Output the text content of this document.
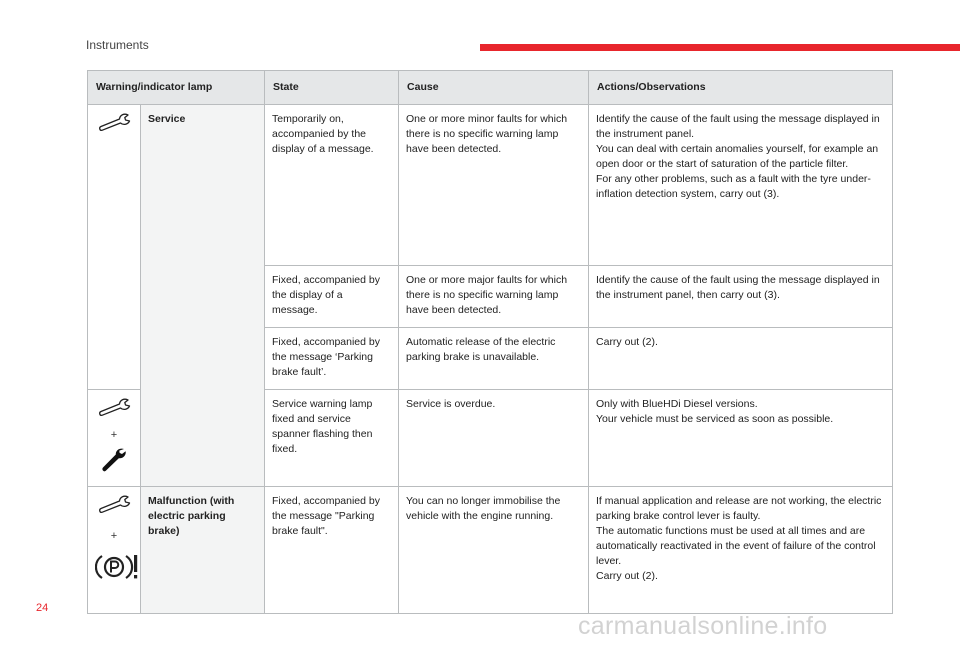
Instruments
Warning/indicator lamp		State	Cause	Actions/Observations
	Service	Temporarily on, accompanied by the display of a message.	One or more minor faults for which there is no specific warning lamp have been detected.	Identify the cause of the fault using the message displayed in the instrument panel.
You can deal with certain anomalies yourself, for example an open door or the start of saturation of the particle filter.
For any other problems, such as a fault with the tyre under-inflation detection system, carry out (3).

		Fixed, accompanied by the display of a message.	One or more major faults for which there is no specific warning lamp have been detected.	Identify the cause of the fault using the message displayed in the instrument panel, then carry out (3).

		Fixed, accompanied by the message ‘Parking brake fault’.	Automatic release of the electric parking brake is unavailable.	Carry out (2).

+		Service warning lamp fixed and service spanner flashing then fixed.	Service is overdue.	Only with BlueHDi Diesel versions.
Your vehicle must be serviced as soon as possible.

+	Malfunction (with electric parking brake)	Fixed, accompanied by the message "Parking brake fault".	You can no longer immobilise the vehicle with the engine running.	If manual application and release are not working, the electric parking brake control lever is faulty.
The automatic functions must be used at all times and are automatically reactivated in the event of failure of the control lever.
Carry out (2).
24
carmanualsonline.info
